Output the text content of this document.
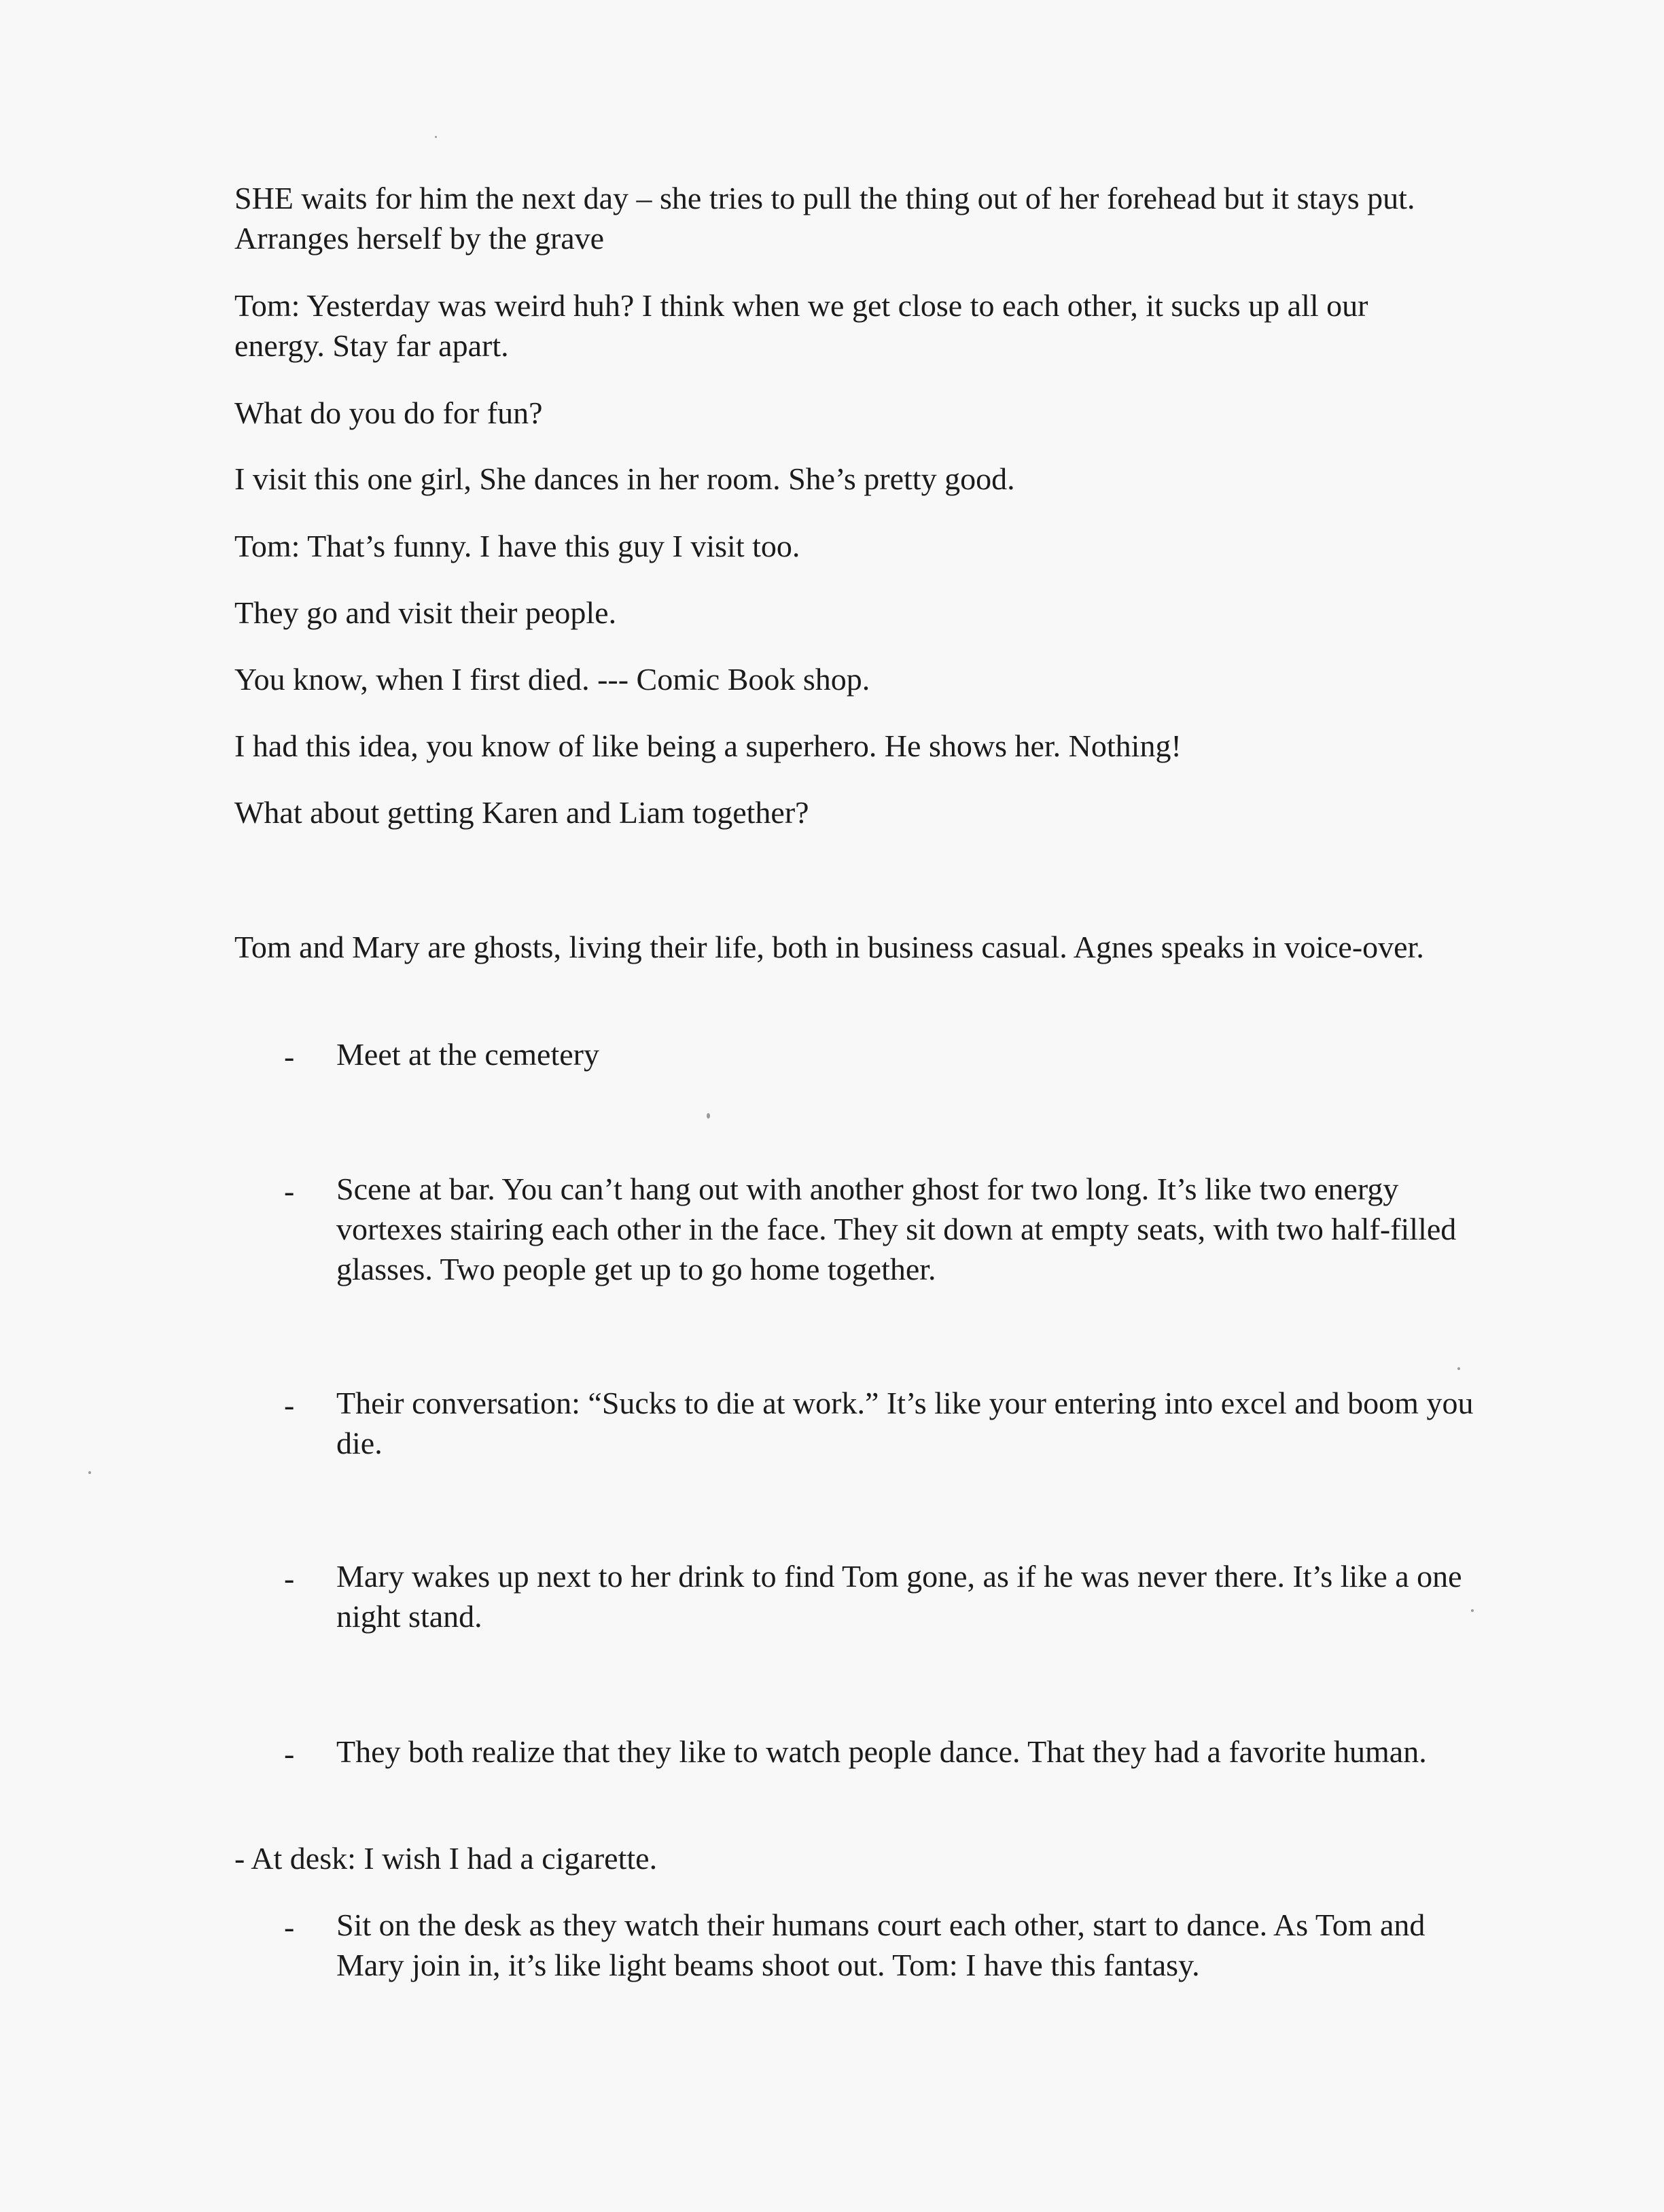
SHE waits for him the next day – she tries to pull the thing out of her forehead but it stays put. Arranges herself by the grave

Tom: Yesterday was weird huh? I think when we get close to each other, it sucks up all our energy. Stay far apart.

What do you do for fun?

I visit this one girl, She dances in her room. She’s pretty good.

Tom: That’s funny. I have this guy I visit too.

They go and visit their people.

You know, when I first died. --- Comic Book shop.

I had this idea, you know of like being a superhero. He shows her. Nothing!

What about getting Karen and Liam together?

Tom and Mary are ghosts, living their life, both in business casual. Agnes speaks in voice-over.

- Meet at the cemetery

- Scene at bar. You can’t hang out with another ghost for two long. It’s like two energy vortexes stairing each other in the face. They sit down at empty seats, with two half-filled glasses. Two people get up to go home together.

- Their conversation: “Sucks to die at work.” It’s like your entering into excel and boom you die.

- Mary wakes up next to her drink to find Tom gone, as if he was never there. It’s like a one night stand.

- They both realize that they like to watch people dance. That they had a favorite human.

- At desk: I wish I had a cigarette.

- Sit on the desk as they watch their humans court each other, start to dance. As Tom and Mary join in, it’s like light beams shoot out. Tom: I have this fantasy.
